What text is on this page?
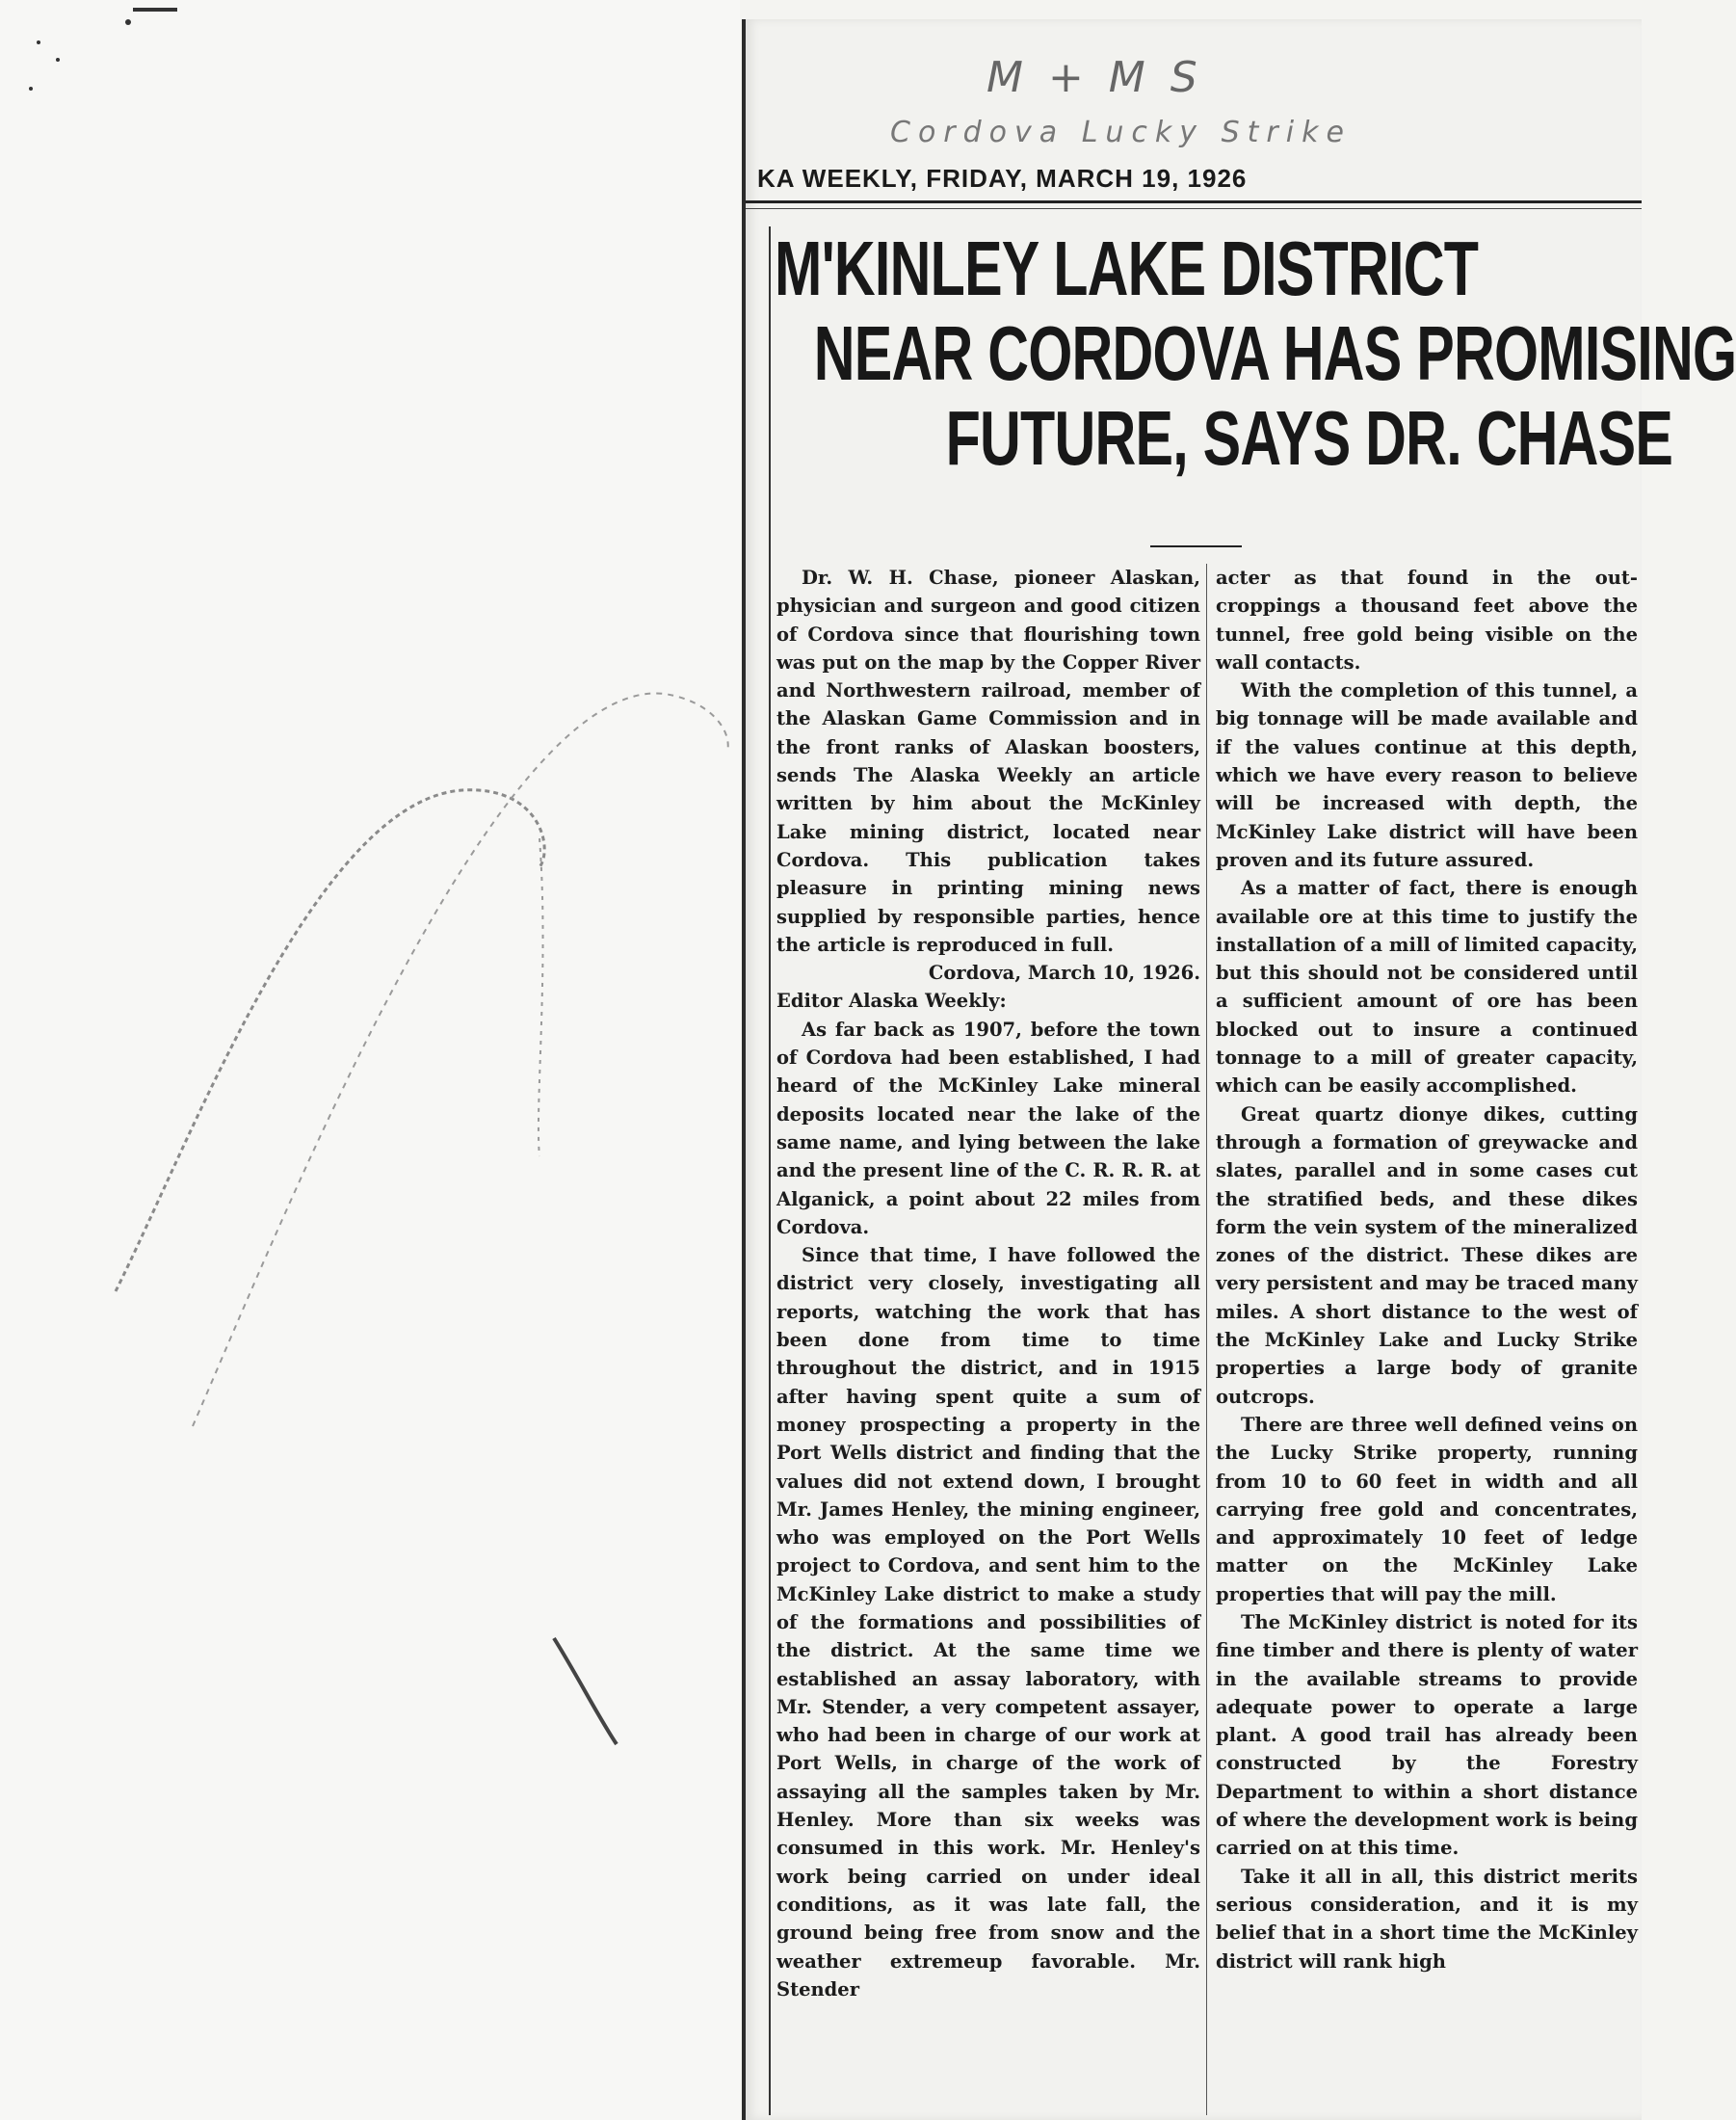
M + M S
Cordova Lucky Strike
KA WEEKLY, FRIDAY, MARCH 19, 1926
M'KINLEY LAKE DISTRICT
NEAR CORDOVA HAS PROMISING
FUTURE, SAYS DR. CHASE

Dr. W. H. Chase, pioneer Alaskan, physician and surgeon and good citizen of Cordova since that flourishing town was put on the map by the Copper River and Northwestern railroad, member of the Alaskan Game Commission and in the front ranks of Alaskan boosters, sends The Alaska Weekly an article written by him about the McKinley Lake mining district, located near Cordova. This publication takes pleasure in printing mining news supplied by responsible parties, hence the article is reproduced in full.

Cordova, March 10, 1926.

Editor Alaska Weekly:

As far back as 1907, before the town of Cordova had been established, I had heard of the McKinley Lake mineral deposits located near the lake of the same name, and lying between the lake and the present line of the C. R. R. R. at Alganick, a point about 22 miles from Cordova.

Since that time, I have followed the district very closely, investigating all reports, watching the work that has been done from time to time throughout the district, and in 1915 after having spent quite a sum of money prospecting a property in the Port Wells district and finding that the values did not extend down, I brought Mr. James Henley, the mining engineer, who was employed on the Port Wells project to Cordova, and sent him to the McKinley Lake district to make a study of the formations and possibilities of the district. At the same time we established an assay laboratory, with Mr. Stender, a very competent assayer, who had been in charge of our work at Port Wells, in charge of the work of assaying all the samples taken by Mr. Henley. More than six weeks was consumed in this work. Mr. Henley's work being carried on under ideal conditions, as it was late fall, the ground being free from snow and the weather extremeup favorable. Mr. Stender

acter as that found in the out-croppings a thousand feet above the tunnel, free gold being visible on the wall contacts.

With the completion of this tunnel, a big tonnage will be made available and if the values continue at this depth, which we have every reason to believe will be increased with depth, the McKinley Lake district will have been proven and its future assured.

As a matter of fact, there is enough available ore at this time to justify the installation of a mill of limited capacity, but this should not be considered until a sufficient amount of ore has been blocked out to insure a continued tonnage to a mill of greater capacity, which can be easily accomplished.

Great quartz dionye dikes, cutting through a formation of greywacke and slates, parallel and in some cases cut the stratified beds, and these dikes form the vein system of the mineralized zones of the district. These dikes are very persistent and may be traced many miles. A short distance to the west of the McKinley Lake and Lucky Strike properties a large body of granite outcrops.

There are three well defined veins on the Lucky Strike property, running from 10 to 60 feet in width and all carrying free gold and concentrates, and approximately 10 feet of ledge matter on the McKinley Lake properties that will pay the mill.

The McKinley district is noted for its fine timber and there is plenty of water in the available streams to provide adequate power to operate a large plant. A good trail has already been constructed by the Forestry Department to within a short distance of where the development work is being carried on at this time.

Take it all in all, this district merits serious consideration, and it is my belief that in a short time the McKinley district will rank high
